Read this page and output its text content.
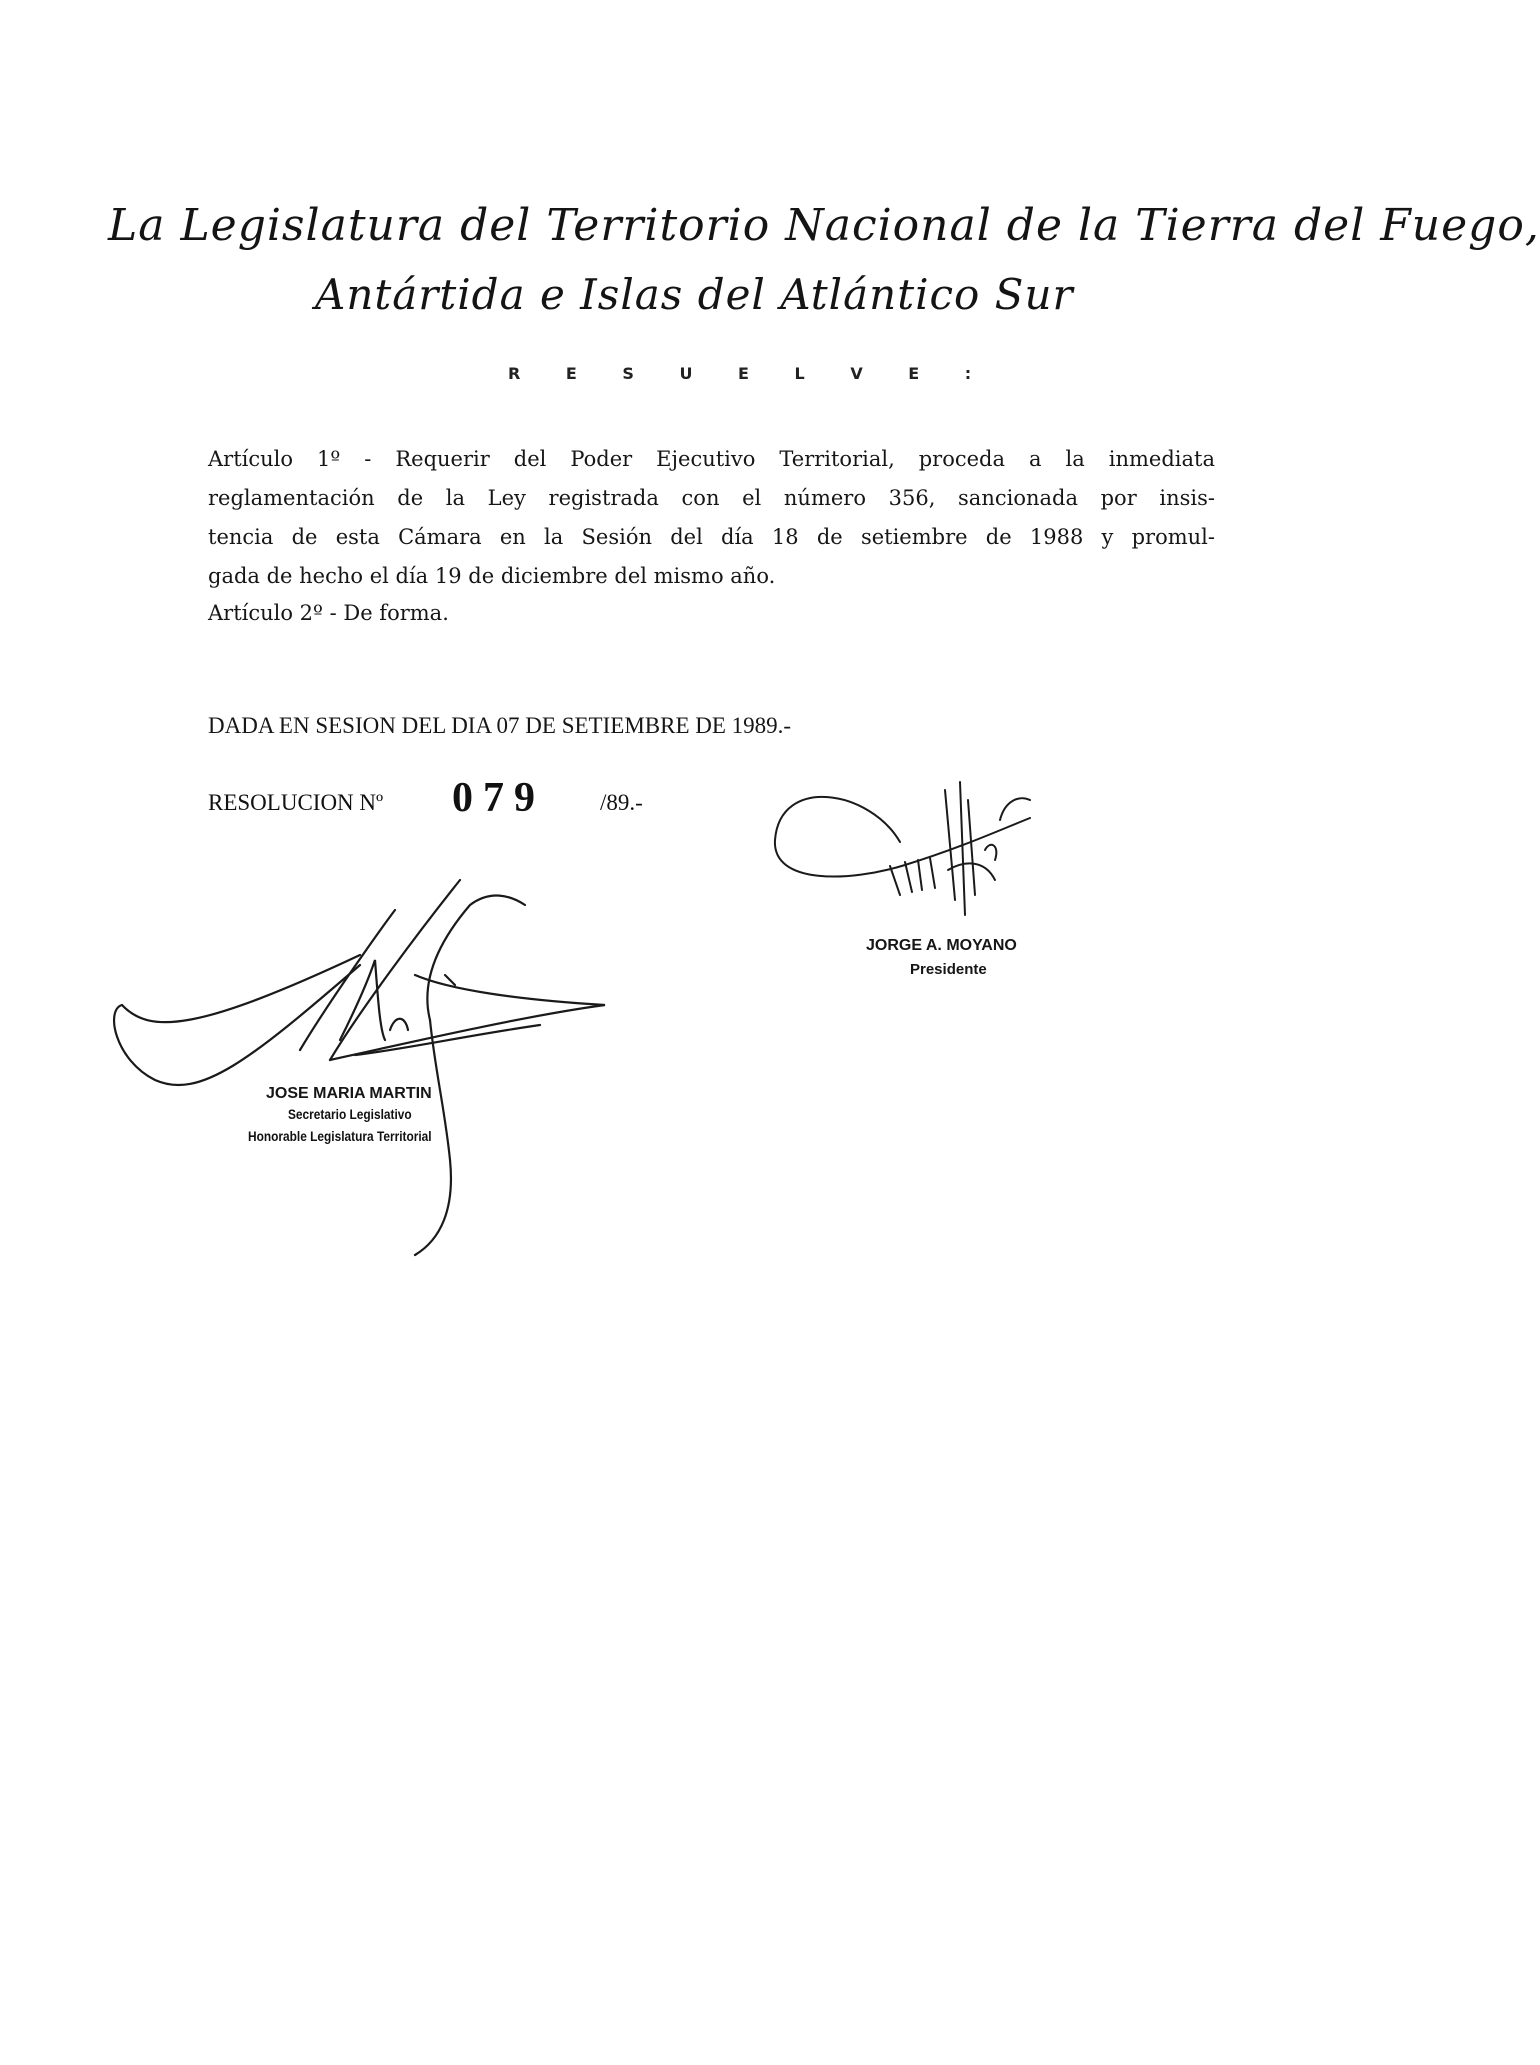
La Legislatura del Territorio Nacional de la Tierra del Fuego,
Antártida e Islas del Atlántico Sur
R E S U E L V E :
Artículo 1º - Requerir del Poder Ejecutivo Territorial, proceda a la inmediata
reglamentación de la Ley registrada con el número 356, sancionada por insis-
tencia de esta Cámara en la Sesión del día 18 de setiembre de 1988 y promul-
gada de hecho el día 19 de diciembre del mismo año.
Artículo 2º - De forma.
DADA EN SESION DEL DIA 07 DE SETIEMBRE DE 1989.-
RESOLUCION Nº 079 /89.-
JORGE A. MOYANO
Presidente
JOSE MARIA MARTIN
Secretario Legislativo
Honorable Legislatura Territorial
